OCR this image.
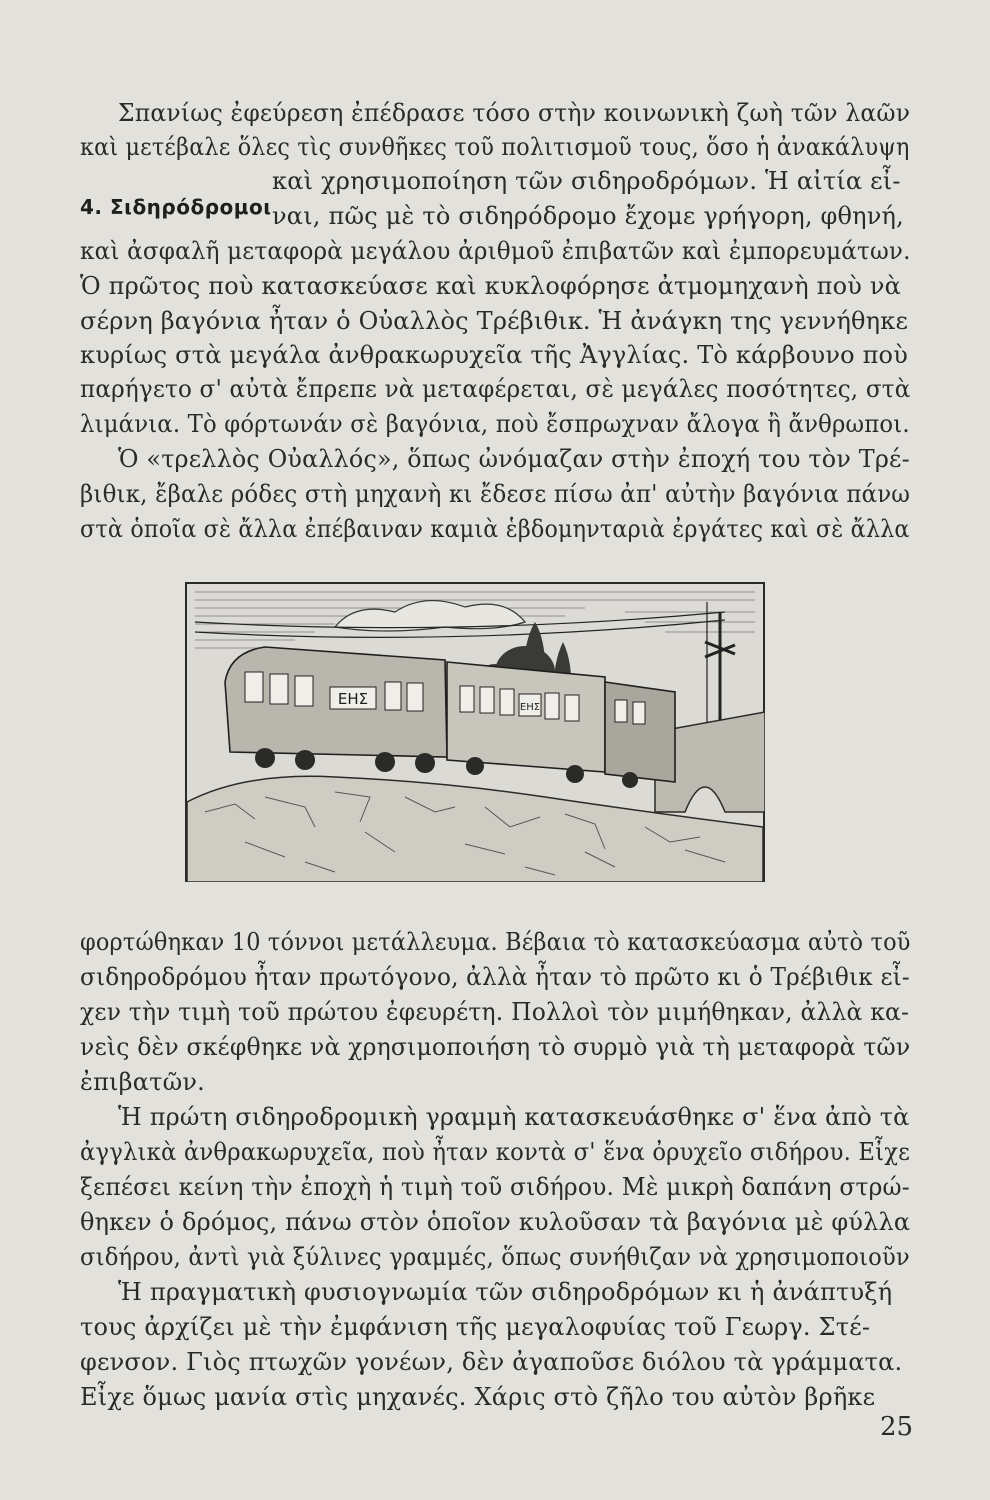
Σπανίως ἐφεύρεση ἐπέδρασε τόσο στὴν κοινωνικὴ ζωὴ τῶν λαῶν
καὶ μετέβαλε ὅλες τὶς συνθῆκες τοῦ πολιτισμοῦ τους, ὅσο ἡ ἀνακάλυψη
καὶ χρησιμοποίηση τῶν σιδηροδρόμων. Ἡ αἰτία εἶ-
4. Σιδηρόδρομοι ναι, πῶς μὲ τὸ σιδηρόδρομο ἔχομε γρήγορη, φθηνή,
καὶ ἀσφαλῆ μεταφορὰ μεγάλου ἀριθμοῦ ἐπιβατῶν καὶ ἐμπορευμάτων.
Ὁ πρῶτος ποὺ κατασκεύασε καὶ κυκλοφόρησε ἀτμομηχανὴ ποὺ νὰ
σέρνη βαγόνια ἦταν ὁ Οὐαλλὸς Τρέβιθικ. Ἡ ἀνάγκη της γεννήθηκε
κυρίως στὰ μεγάλα ἀνθρακωρυχεῖα τῆς Ἀγγλίας. Τὸ κάρβουνο ποὺ
παρήγετο σ' αὐτὰ ἔπρεπε νὰ μεταφέρεται, σὲ μεγάλες ποσότητες, στὰ
λιμάνια. Τὸ φόρτωνάν σὲ βαγόνια, ποὺ ἔσπρωχναν ἄλογα ἢ ἄνθρωποι.
Ὁ «τρελλὸς Οὐαλλός», ὅπως ὠνόμαζαν στὴν ἐποχή του τὸν Τρέ-
βιθικ, ἔβαλε ρόδες στὴ μηχανὴ κι ἔδεσε πίσω ἀπ' αὐτὴν βαγόνια πάνω
στὰ ὁποῖα σὲ ἄλλα ἐπέβαιναν καμιὰ ἑβδομηνταριὰ ἐργάτες καὶ σὲ ἄλλα
ΕΗΣ	ΕΗΣ
φορτώθηκαν 10 τόννοι μετάλλευμα. Βέβαια τὸ κατασκεύασμα αὐτὸ τοῦ
σιδηροδρόμου ἦταν πρωτόγονο, ἀλλὰ ἦταν τὸ πρῶτο κι ὁ Τρέβιθικ εἶ-
χεν τὴν τιμὴ τοῦ πρώτου ἐφευρέτη. Πολλοὶ τὸν μιμήθηκαν, ἀλλὰ κα-
νεὶς δὲν σκέφθηκε νὰ χρησιμοποιήση τὸ συρμὸ γιὰ τὴ μεταφορὰ τῶν
ἐπιβατῶν.
Ἡ πρώτη σιδηροδρομικὴ γραμμὴ κατασκευάσθηκε σ' ἕνα ἀπὸ τὰ
ἀγγλικὰ ἀνθρακωρυχεῖα, ποὺ ἦταν κοντὰ σ' ἕνα ὀρυχεῖο σιδήρου. Εἶχε
ξεπέσει κείνη τὴν ἐποχὴ ἡ τιμὴ τοῦ σιδήρου. Μὲ μικρὴ δαπάνη στρώ-
θηκεν ὁ δρόμος, πάνω στὸν ὁποῖον κυλοῦσαν τὰ βαγόνια μὲ φύλλα
σιδήρου, ἀντὶ γιὰ ξύλινες γραμμές, ὅπως συνήθιζαν νὰ χρησιμοποιοῦν
Ἡ πραγματικὴ φυσιογνωμία τῶν σιδηροδρόμων κι ἡ ἀνάπτυξή
τους ἀρχίζει μὲ τὴν ἐμφάνιση τῆς μεγαλοφυίας τοῦ Γεωργ. Στέ-
φενσον. Γιὸς πτωχῶν γονέων, δὲν ἀγαποῦσε διόλου τὰ γράμματα.
Εἶχε ὅμως μανία στὶς μηχανές. Χάρις στὸ ζῆλο του αὐτὸν βρῆκε
25
